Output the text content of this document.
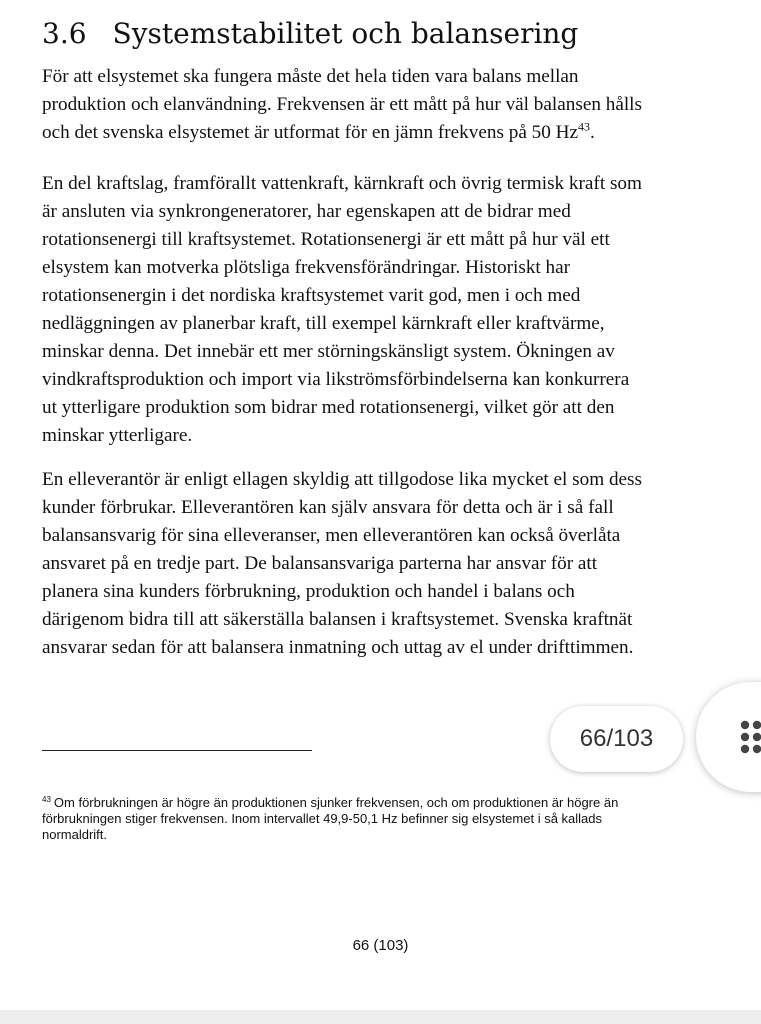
3.6 Systemstabilitet och balansering

För att elsystemet ska fungera måste det hela tiden vara balans mellan
produktion och elanvändning. Frekvensen är ett mått på hur väl balansen hålls
och det svenska elsystemet är utformat för en jämn frekvens på 50 Hz$^{43}$.

En del kraftslag, framförallt vattenkraft, kärnkraft och övrig termisk kraft som
är ansluten via synkrongeneratorer, har egenskapen att de bidrar med
rotationsenergi till kraftsystemet. Rotationsenergi är ett mått på hur väl ett
elsystem kan motverka plötsliga frekvensförändringar. Historiskt har
rotationsenergin i det nordiska kraftsystemet varit god, men i och med
nedläggningen av planerbar kraft, till exempel kärnkraft eller kraftvärme,
minskar denna. Det innebär ett mer störningskänsligt system. Ökningen av
vindkraftsproduktion och import via likströmsförbindelserna kan konkurrera
ut ytterligare produktion som bidrar med rotationsenergi, vilket gör att den
minskar ytterligare.

En elleverantör är enligt ellagen skyldig att tillgodose lika mycket el som dess
kunder förbrukar. Elleverantören kan själv ansvara för detta och är i så fall
balansansvarig för sina elleveranser, men elleverantören kan också överlåta
ansvaret på en tredje part. De balansansvariga parterna har ansvar för att
planera sina kunders förbrukning, produktion och handel i balans och
därigenom bidra till att säkerställa balansen i kraftsystemet. Svenska kraftnät
ansvarar sedan för att balansera inmatning och uttag av el under drifttimmen.

$^{43}$ Om förbrukningen är högre än produktionen sjunker frekvensen, och om produktionen är högre än
förbrukningen stiger frekvensen. Inom intervallet 49,9-50,1 Hz befinner sig elsystemet i så kallads
normaldrift.

66 (103)
66/103
